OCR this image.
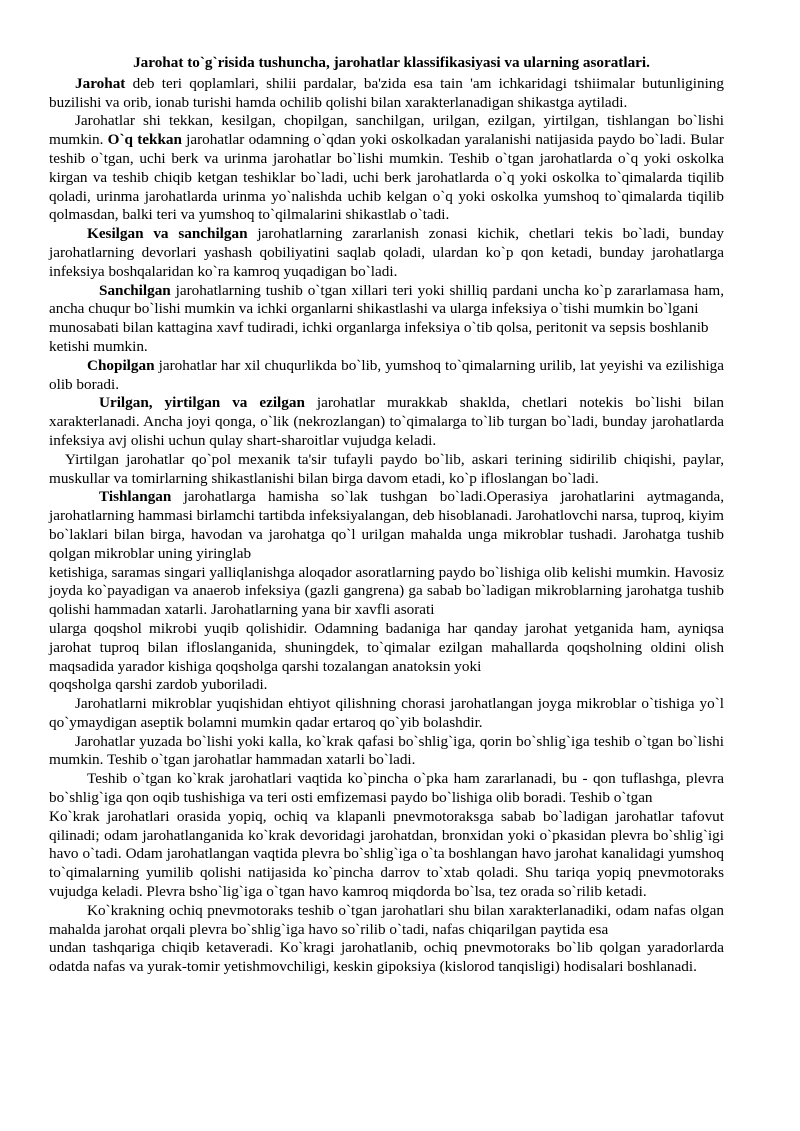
Jarohat to`g`risida tushuncha, jarohatlar klassifikasiyasi va ularning asoratlari.

Jarohat deb teri qoplamlari, shilii pardalar, ba'zida esa tain 'am ichkaridagi tshiimalar butunligining buzilishi va orib, ionab turishi hamda ochilib qolishi bilan xarakterlanadigan shikastga aytiladi.

Jarohatlar shi tekkan, kesilgan, chopilgan, sanchilgan, urilgan, ezilgan, yirtilgan, tishlangan bo`lishi mumkin. O`q tekkan jarohatlar odamning o`qdan yoki oskolkadan yaralanishi natijasida paydo bo`ladi. Bular teshib o`tgan, uchi berk va urinma jarohatlar bo`lishi mumkin. Teshib o`tgan jarohatlarda o`q yoki oskolka kirgan va teshib chiqib ketgan teshiklar bo`ladi, uchi berk jarohatlarda o`q yoki oskolka to`qimalarda tiqilib qoladi, urinma jarohatlarda urinma yo`nalishda uchib kelgan o`q yoki oskolka yumshoq to`qimalarda tiqilib qolmasdan, balki teri va yumshoq to`qilmalarini shikastlab o`tadi.

Kesilgan va sanchilgan jarohatlarning zararlanish zonasi kichik, chetlari tekis bo`ladi, bunday jarohatlarning devorlari yashash qobiliyatini saqlab qoladi, ulardan ko`p qon ketadi, bunday jarohatlarga infeksiya boshqalaridan ko`ra kamroq yuqadigan bo`ladi.

Sanchilgan jarohatlarning tushib o`tgan xillari teri yoki shilliq pardani uncha ko`p zararlamasa ham, ancha chuqur bo`lishi mumkin va ichki organlarni shikastlashi va ularga infeksiya o`tishi mumkin bo`lgani

munosabati bilan kattagina xavf tudiradi, ichki organlarga infeksiya o`tib qolsa, peritonit va sepsis boshlanib ketishi mumkin.

Chopilgan jarohatlar har xil chuqurlikda bo`lib, yumshoq to`qimalarning urilib, lat yeyishi va ezilishiga olib boradi.

Urilgan, yirtilgan va ezilgan jarohatlar murakkab shaklda, chetlari notekis bo`lishi bilan xarakterlanadi. Ancha joyi qonga, o`lik (nekrozlangan) to`qimalarga to`lib turgan bo`ladi, bunday jarohatlarda infeksiya avj olishi uchun qulay shart-sharoitlar vujudga keladi.

Yirtilgan jarohatlar qo`pol mexanik ta'sir tufayli paydo bo`lib, askari terining sidirilib chiqishi, paylar, muskullar va tomirlarning shikastlanishi bilan birga davom etadi, ko`p ifloslangan bo`ladi.

Tishlangan jarohatlarga hamisha so`lak tushgan bo`ladi.Operasiya jarohatlarini aytmaganda, jarohatlarning hammasi birlamchi tartibda infeksiyalangan, deb hisoblanadi. Jarohatlovchi narsa, tuproq, kiyim bo`laklari bilan birga, havodan va jarohatga qo`l urilgan mahalda unga mikroblar tushadi. Jarohatga tushib qolgan mikroblar uning yiringlab

ketishiga, saramas singari yalliqlanishga aloqador asoratlarning paydo bo`lishiga olib kelishi mumkin. Havosiz joyda ko`payadigan va anaerob infeksiya (gazli gangrena) ga sabab bo`ladigan mikroblarning jarohatga tushib qolishi hammadan xatarli. Jarohatlarning yana bir xavfli asorati

ularga qoqshol mikrobi yuqib qolishidir. Odamning badaniga har qanday jarohat yetganida ham, ayniqsa jarohat tuproq bilan ifloslanganida, shuningdek, to`qimalar ezilgan mahallarda qoqsholning oldini olish maqsadida yarador kishiga qoqsholga qarshi tozalangan anatoksin yoki

qoqsholga qarshi zardob yuboriladi.

Jarohatlarni mikroblar yuqishidan ehtiyot qilishning chorasi jarohatlangan joyga mikroblar o`tishiga yo`l qo`ymaydigan aseptik bolamni mumkin qadar ertaroq qo`yib bolashdir.

Jarohatlar yuzada bo`lishi yoki kalla, ko`krak qafasi bo`shlig`iga, qorin bo`shlig`iga teshib o`tgan bo`lishi mumkin. Teshib o`tgan jarohatlar hammadan xatarli bo`ladi.

Teshib o`tgan ko`krak jarohatlari vaqtida ko`pincha o`pka ham zararlanadi, bu - qon tuflashga, plevra bo`shlig`iga qon oqib tushishiga va teri osti emfizemasi paydo bo`lishiga olib boradi. Teshib o`tgan

Ko`krak jarohatlari orasida yopiq, ochiq va klapanli pnevmotoraksga sabab bo`ladigan jarohatlar tafovut qilinadi; odam jarohatlanganida ko`krak devoridagi jarohatdan, bronxidan yoki o`pkasidan plevra bo`shlig`igi havo o`tadi. Odam jarohatlangan vaqtida plevra bo`shlig`iga o`ta boshlangan havo jarohat kanalidagi yumshoq to`qimalarning yumilib qolishi natijasida ko`pincha darrov to`xtab qoladi. Shu tariqa yopiq pnevmotoraks vujudga keladi. Plevra bsho`lig`iga o`tgan havo kamroq miqdorda bo`lsa, tez orada so`rilib ketadi.

Ko`krakning ochiq pnevmotoraks teshib o`tgan jarohatlari shu bilan xarakterlanadiki, odam nafas olgan mahalda jarohat orqali plevra bo`shlig`iga havo so`rilib o`tadi, nafas chiqarilgan paytida esa

undan tashqariga chiqib ketaveradi. Ko`kragi jarohatlanib, ochiq pnevmotoraks bo`lib qolgan yaradorlarda odatda nafas va yurak-tomir yetishmovchiligi, keskin gipoksiya (kislorod tanqisligi) hodisalari boshlanadi.
